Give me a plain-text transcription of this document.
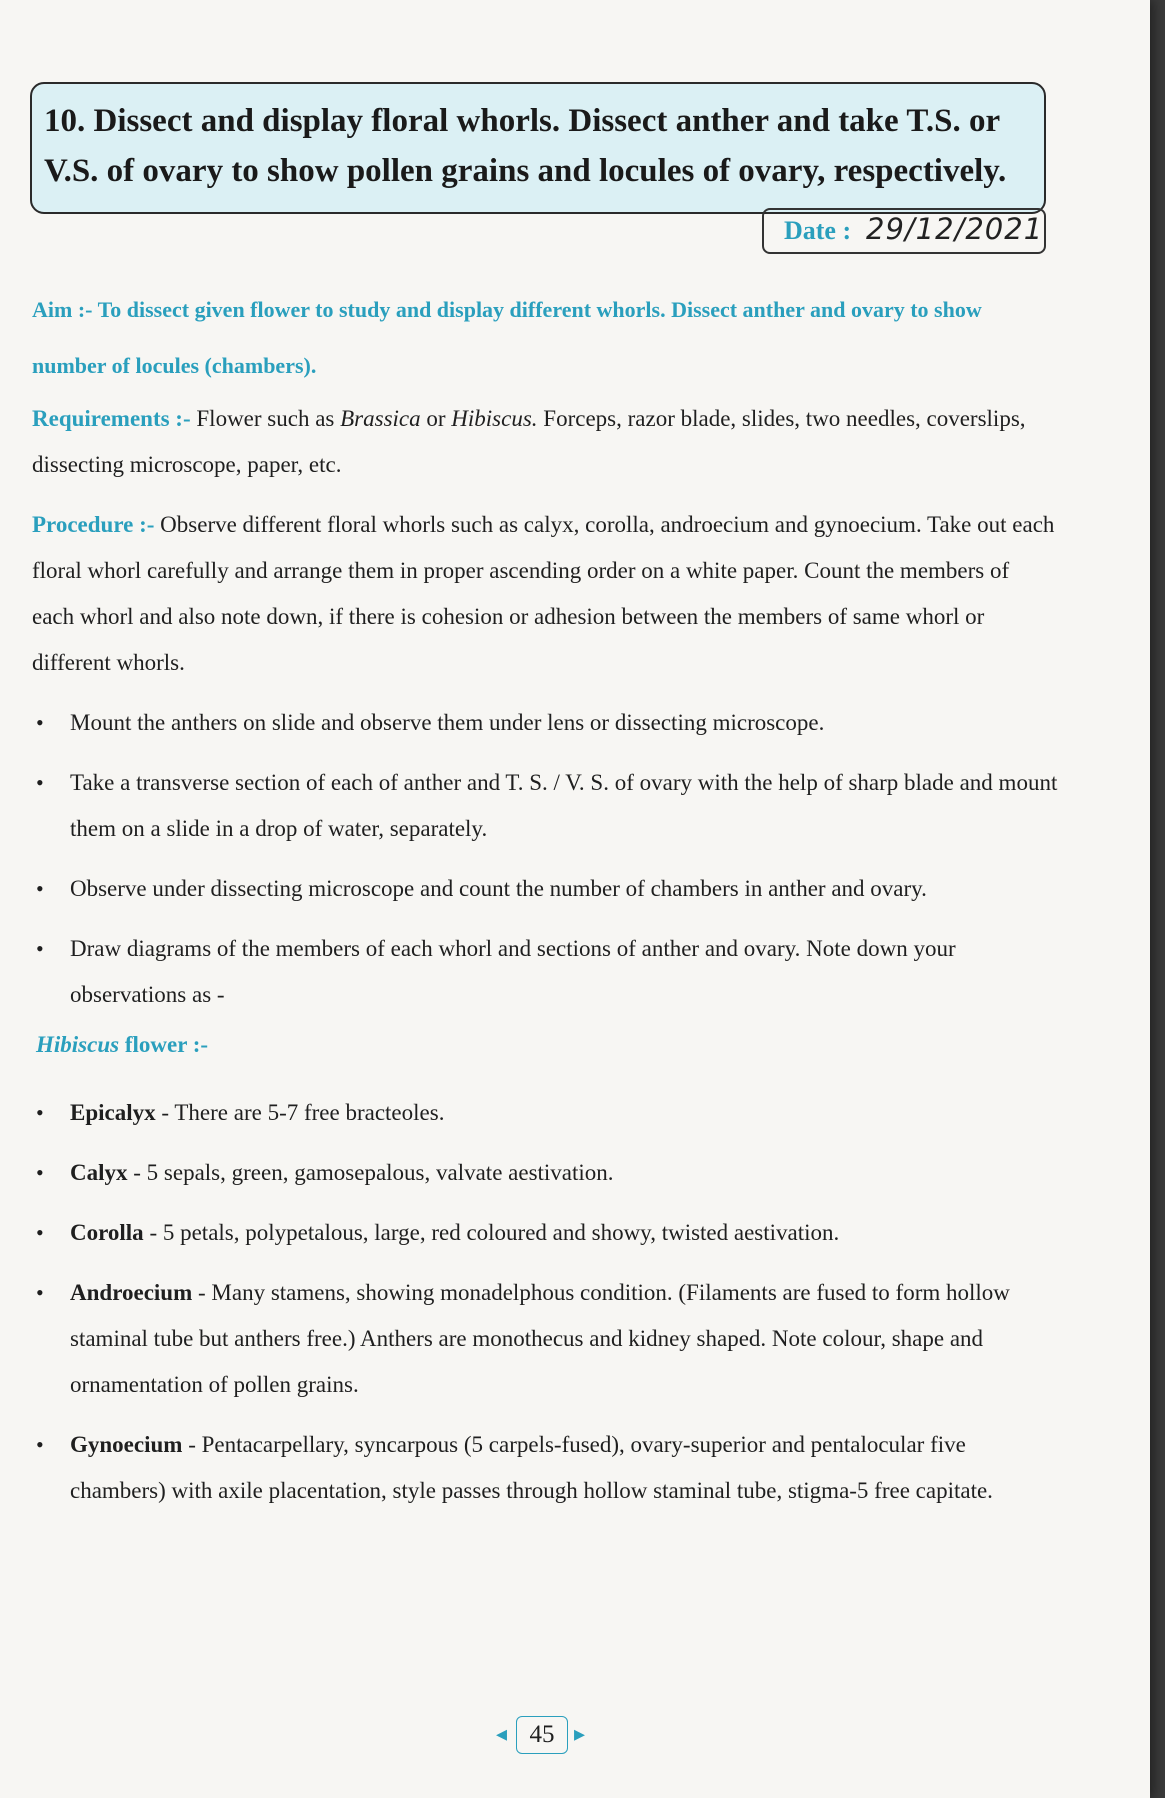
10. Dissect and display floral whorls. Dissect anther and take T.S. or V.S. of ovary to show pollen grains and locules of ovary, respectively.
Date : 29/12/2021
Aim :- To dissect given flower to study and display different whorls. Dissect anther and ovary to show number of locules (chambers).
Requirements :- Flower such as Brassica or Hibiscus. Forceps, razor blade, slides, two needles, coverslips, dissecting microscope, paper, etc.
Procedure :- Observe different floral whorls such as calyx, corolla, androecium and gynoecium. Take out each floral whorl carefully and arrange them in proper ascending order on a white paper. Count the members of each whorl and also note down, if there is cohesion or adhesion between the members of same whorl or different whorls.
• Mount the anthers on slide and observe them under lens or dissecting microscope.
• Take a transverse section of each of anther and T. S. / V. S. of ovary with the help of sharp blade and mount them on a slide in a drop of water, separately.
• Observe under dissecting microscope and count the number of chambers in anther and ovary.
• Draw diagrams of the members of each whorl and sections of anther and ovary. Note down your observations as -
Hibiscus flower :-
• Epicalyx - There are 5-7 free bracteoles.
• Calyx - 5 sepals, green, gamosepalous, valvate aestivation.
• Corolla - 5 petals, polypetalous, large, red coloured and showy, twisted aestivation.
• Androecium - Many stamens, showing monadelphous condition. (Filaments are fused to form hollow staminal tube but anthers free.) Anthers are monothecus and kidney shaped. Note colour, shape and ornamentation of pollen grains.
• Gynoecium - Pentacarpellary, syncarpous (5 carpels-fused), ovary-superior and pentalocular five chambers) with axile placentation, style passes through hollow staminal tube, stigma-5 free capitate.
◂ 45 ▸
